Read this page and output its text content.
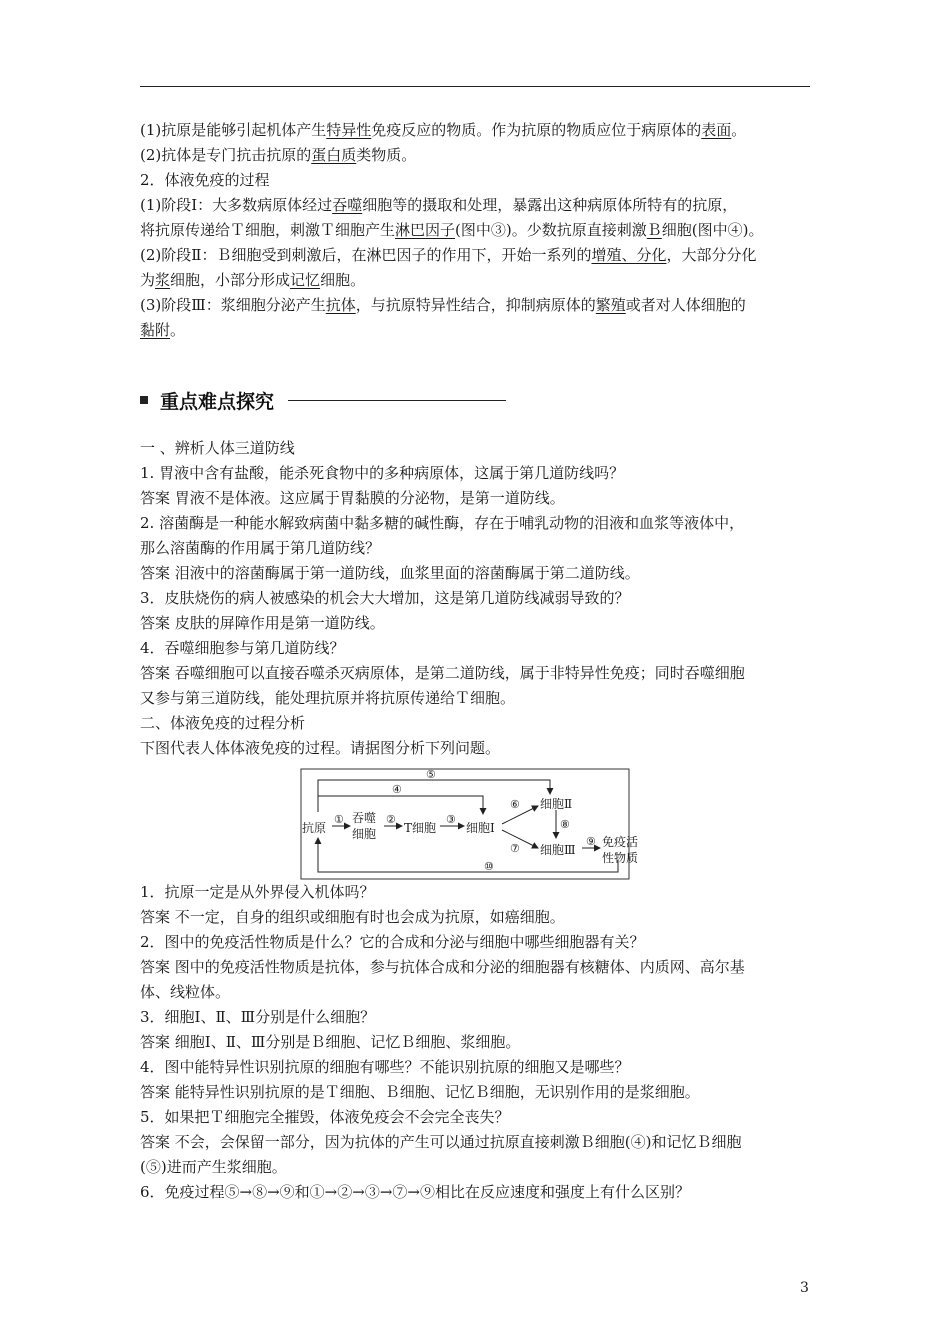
(1)抗原是能够引起机体产生特异性免疫反应的物质。作为抗原的物质应位于病原体的表面。
(2)抗体是专门抗击抗原的蛋白质类物质。
2．体液免疫的过程
(1)阶段Ⅰ：大多数病原体经过吞噬细胞等的摄取和处理，暴露出这种病原体所特有的抗原，
将抗原传递给Ｔ细胞，刺激Ｔ细胞产生淋巴因子(图中③)。少数抗原直接刺激Ｂ细胞(图中④)。
(2)阶段Ⅱ：Ｂ细胞受到刺激后，在淋巴因子的作用下，开始一系列的增殖、分化，大部分分化
为浆细胞，小部分形成记忆细胞。
(3)阶段Ⅲ：浆细胞分泌产生抗体，与抗原特异性结合，抑制病原体的繁殖或者对人体细胞的
黏附。
重点难点探究
一 、辨析人体三道防线
1. 胃液中含有盐酸，能杀死食物中的多种病原体，这属于第几道防线吗？
答案 胃液不是体液。这应属于胃黏膜的分泌物，是第一道防线。
2. 溶菌酶是一种能水解致病菌中黏多糖的碱性酶，存在于哺乳动物的泪液和血浆等液体中，
那么溶菌酶的作用属于第几道防线？
答案 泪液中的溶菌酶属于第一道防线，血浆里面的溶菌酶属于第二道防线。
3．皮肤烧伤的病人被感染的机会大大增加，这是第几道防线减弱导致的？
答案 皮肤的屏障作用是第一道防线。
4．吞噬细胞参与第几道防线？
答案 吞噬细胞可以直接吞噬杀灭病原体，是第二道防线，属于非特异性免疫；同时吞噬细胞
又参与第三道防线，能处理抗原并将抗原传递给Ｔ细胞。
二、体液免疫的过程分析
下图代表人体体液免疫的过程。请据图分析下列问题。
抗原
吞噬
细胞 T细胞 细胞Ⅰ
细胞Ⅱ
细胞Ⅲ
免疫活
性物质
①	②	③
④
⑤
⑥
⑦
⑧
⑨
⑩
1．抗原一定是从外界侵入机体吗？
答案 不一定，自身的组织或细胞有时也会成为抗原，如癌细胞。
2．图中的免疫活性物质是什么？它的合成和分泌与细胞中哪些细胞器有关？
答案 图中的免疫活性物质是抗体，参与抗体合成和分泌的细胞器有核糖体、内质网、高尔基
体、线粒体。
3．细胞Ⅰ、Ⅱ、Ⅲ分别是什么细胞？
答案 细胞Ⅰ、Ⅱ、Ⅲ分别是Ｂ细胞、记忆Ｂ细胞、浆细胞。
4．图中能特异性识别抗原的细胞有哪些？不能识别抗原的细胞又是哪些？
答案 能特异性识别抗原的是Ｔ细胞、Ｂ细胞、记忆Ｂ细胞，无识别作用的是浆细胞。
5．如果把Ｔ细胞完全摧毁，体液免疫会不会完全丧失？
答案 不会，会保留一部分，因为抗体的产生可以通过抗原直接刺激Ｂ细胞(④)和记忆Ｂ细胞
(⑤)进而产生浆细胞。
6．免疫过程⑤→⑧→⑨和①→②→③→⑦→⑨相比在反应速度和强度上有什么区别？
3
